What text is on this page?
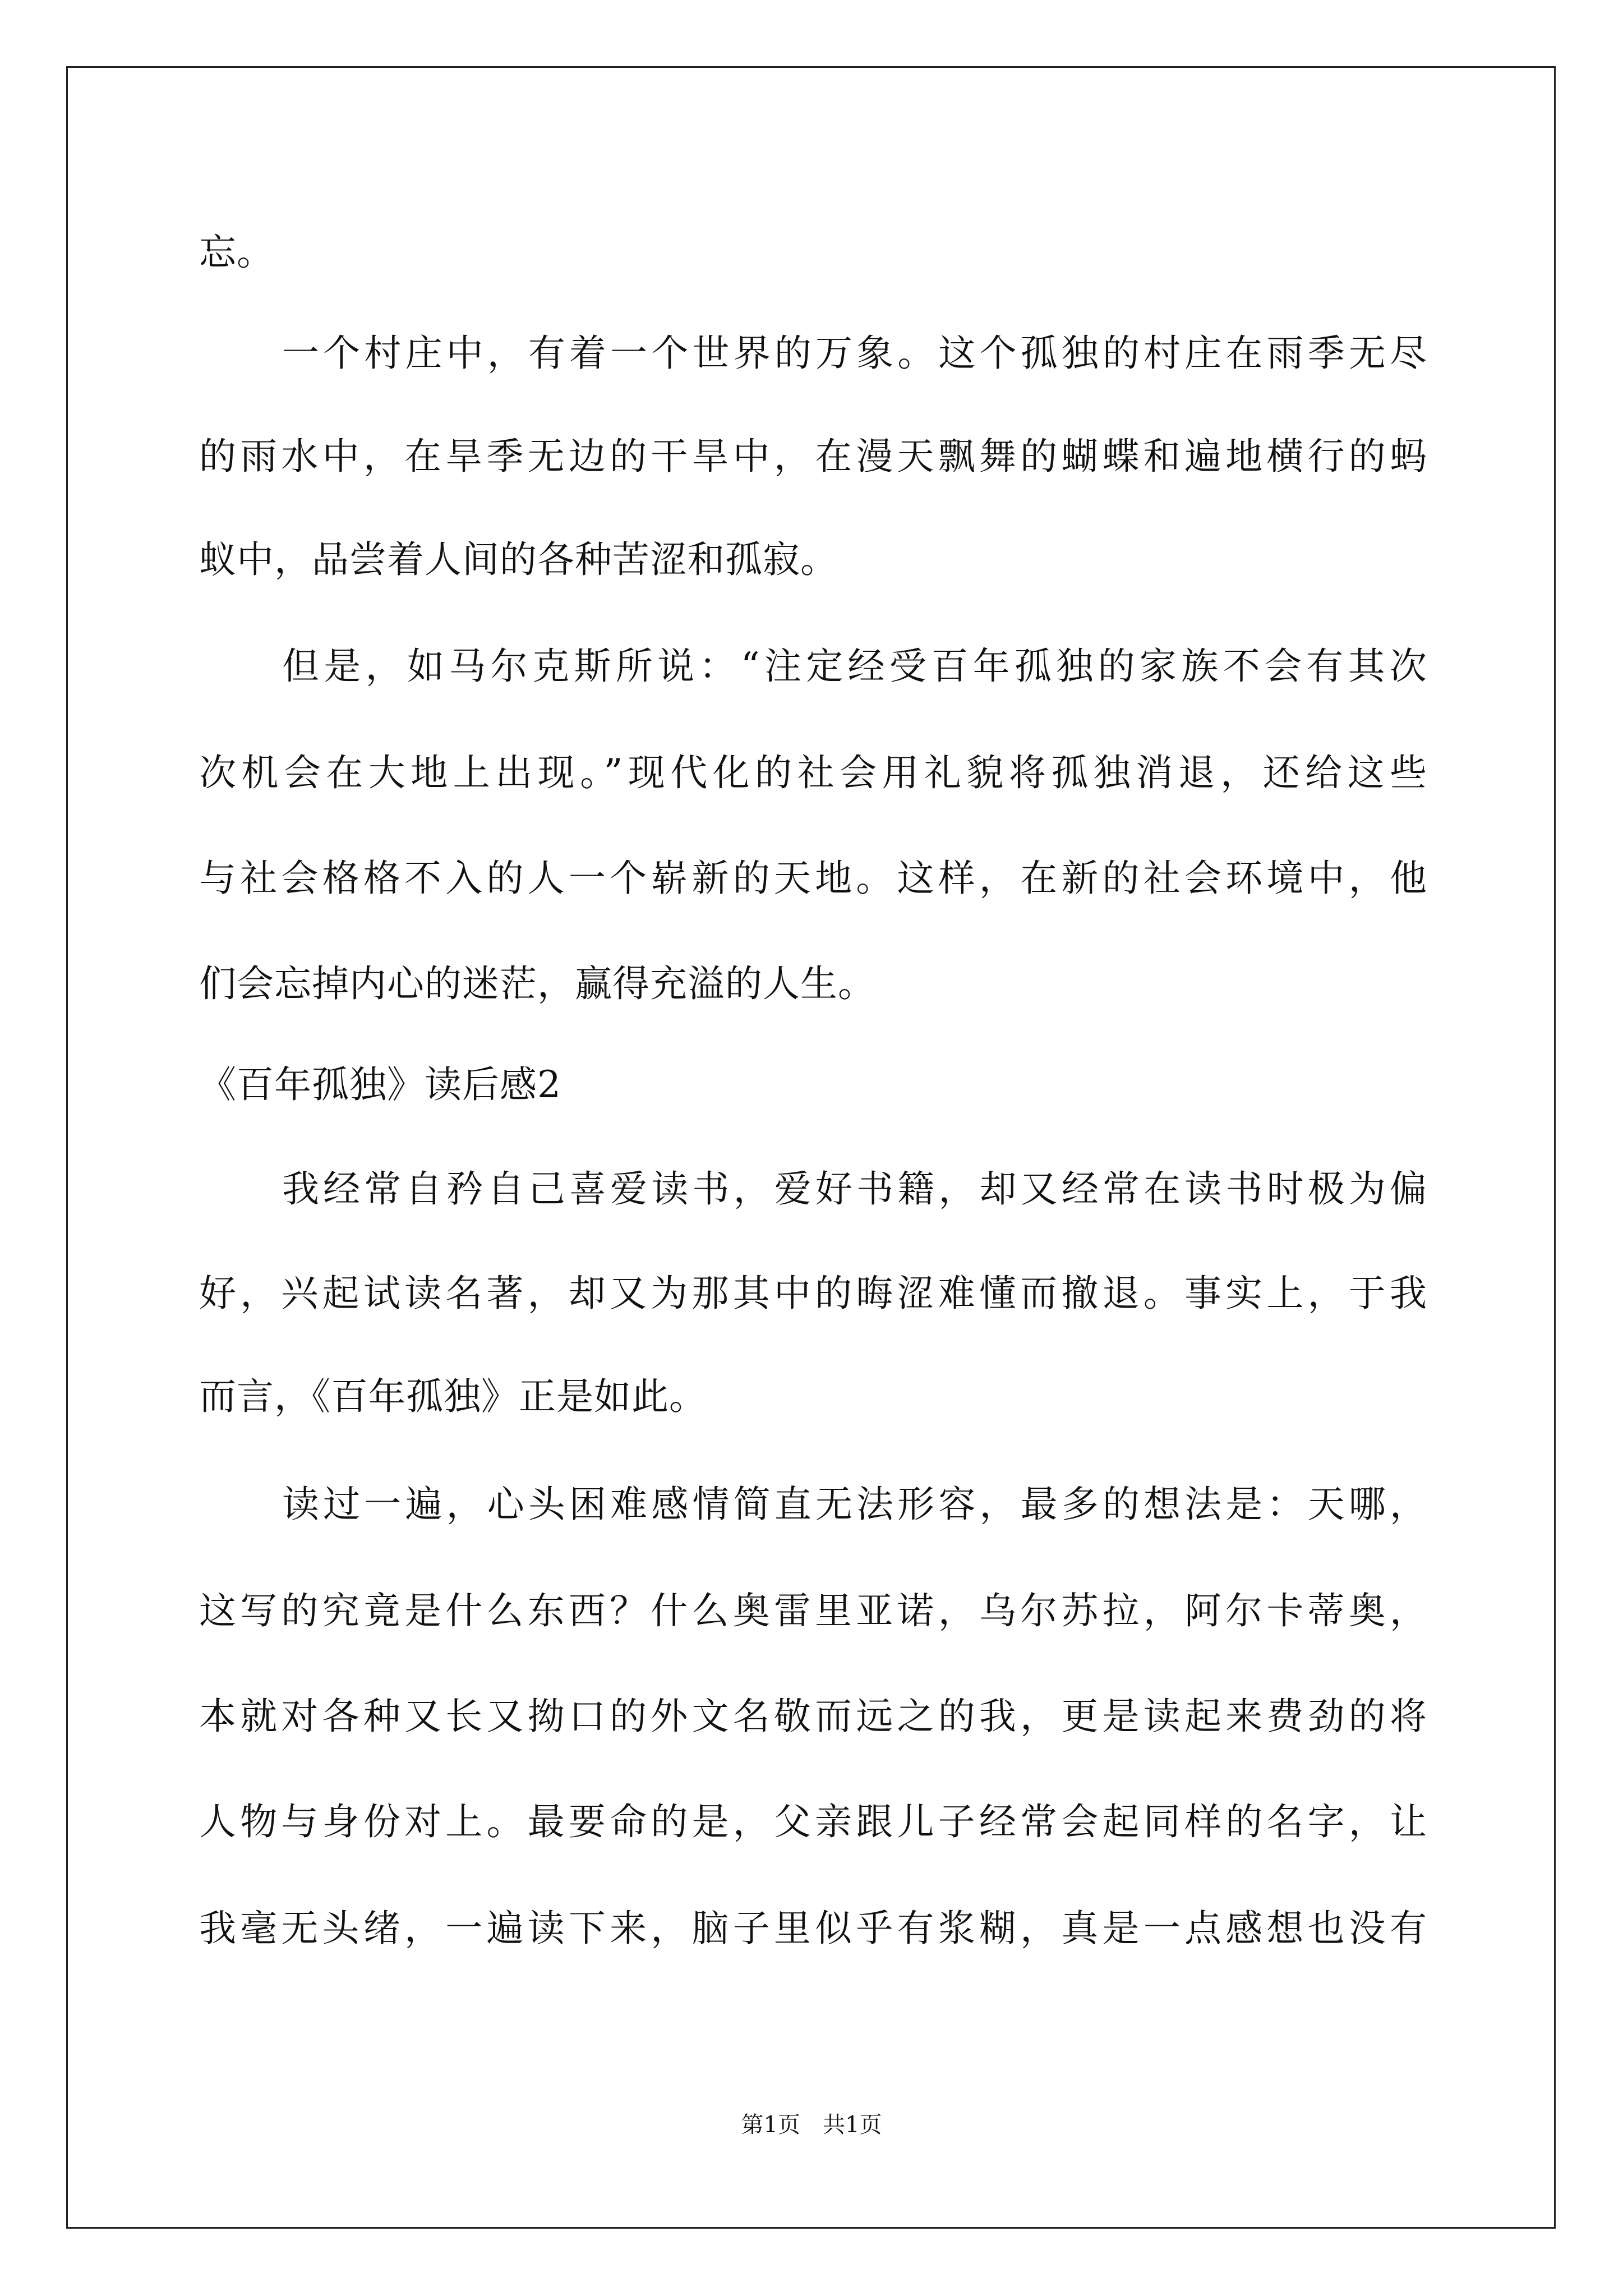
忘。
一个村庄中，有着一个世界的万象。这个孤独的村庄在雨季无尽
的雨水中，在旱季无边的干旱中，在漫天飘舞的蝴蝶和遍地横行的蚂
蚁中，品尝着人间的各种苦涩和孤寂。
但是，如马尔克斯所说：“注定经受百年孤独的家族不会有其次
次机会在大地上出现。”现代化的社会用礼貌将孤独消退，还给这些
与社会格格不入的人一个崭新的天地。这样，在新的社会环境中，他
们会忘掉内心的迷茫，赢得充溢的人生。
《百年孤独》读后感2
我经常自矜自己喜爱读书，爱好书籍，却又经常在读书时极为偏
好，兴起试读名著，却又为那其中的晦涩难懂而撤退。事实上，于我
而言，《百年孤独》正是如此。
读过一遍，心头困难感情简直无法形容，最多的想法是：天哪，
这写的究竟是什么东西？什么奥雷里亚诺，乌尔苏拉，阿尔卡蒂奥，
本就对各种又长又拗口的外文名敬而远之的我，更是读起来费劲的将
人物与身份对上。最要命的是，父亲跟儿子经常会起同样的名字，让
我毫无头绪，一遍读下来，脑子里似乎有浆糊，真是一点感想也没有
第1页　共1页
